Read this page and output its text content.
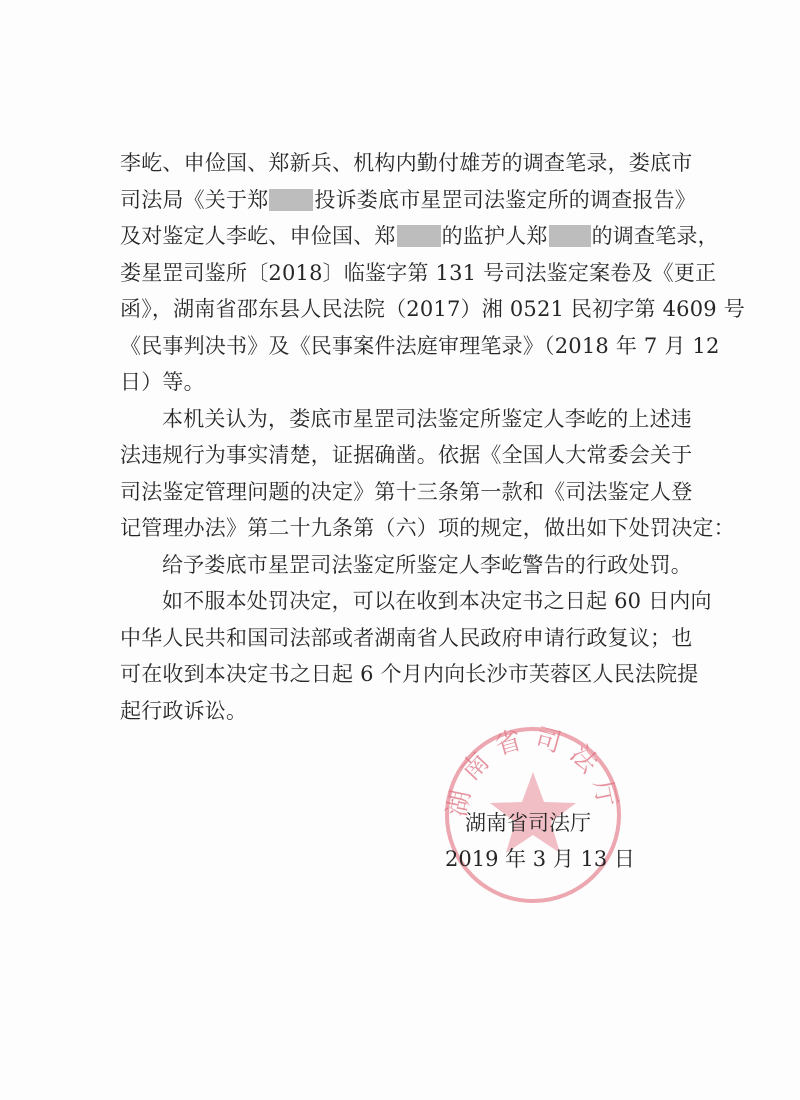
李屹、申俭国、郑新兵、机构内勤付雄芳的调查笔录，娄底市
司法局《关于郑 投诉娄底市星罡司法鉴定所的调查报告》
及对鉴定人李屹、申俭国、郑 的监护人郑 的调查笔录，
娄星罡司鉴所〔2018〕临鉴字第 131 号司法鉴定案卷及《更正
函》，湖南省邵东县人民法院（2017）湘 0521 民初字第 4609 号
《民事判决书》及《民事案件法庭审理笔录》（2018 年 7 月 12
日）等。
本机关认为，娄底市星罡司法鉴定所鉴定人李屹的上述违
法违规行为事实清楚，证据确凿。依据《全国人大常委会关于
司法鉴定管理问题的决定》第十三条第一款和《司法鉴定人登
记管理办法》第二十九条第（六）项的规定，做出如下处罚决定：
给予娄底市星罡司法鉴定所鉴定人李屹警告的行政处罚。
如不服本处罚决定，可以在收到本决定书之日起 60 日内向
中华人民共和国司法部或者湖南省人民政府申请行政复议；也
可在收到本决定书之日起 6 个月内向长沙市芙蓉区人民法院提
起行政诉讼。
湖南省司法厅
湖南省司法厅
2019 年 3 月 13 日
